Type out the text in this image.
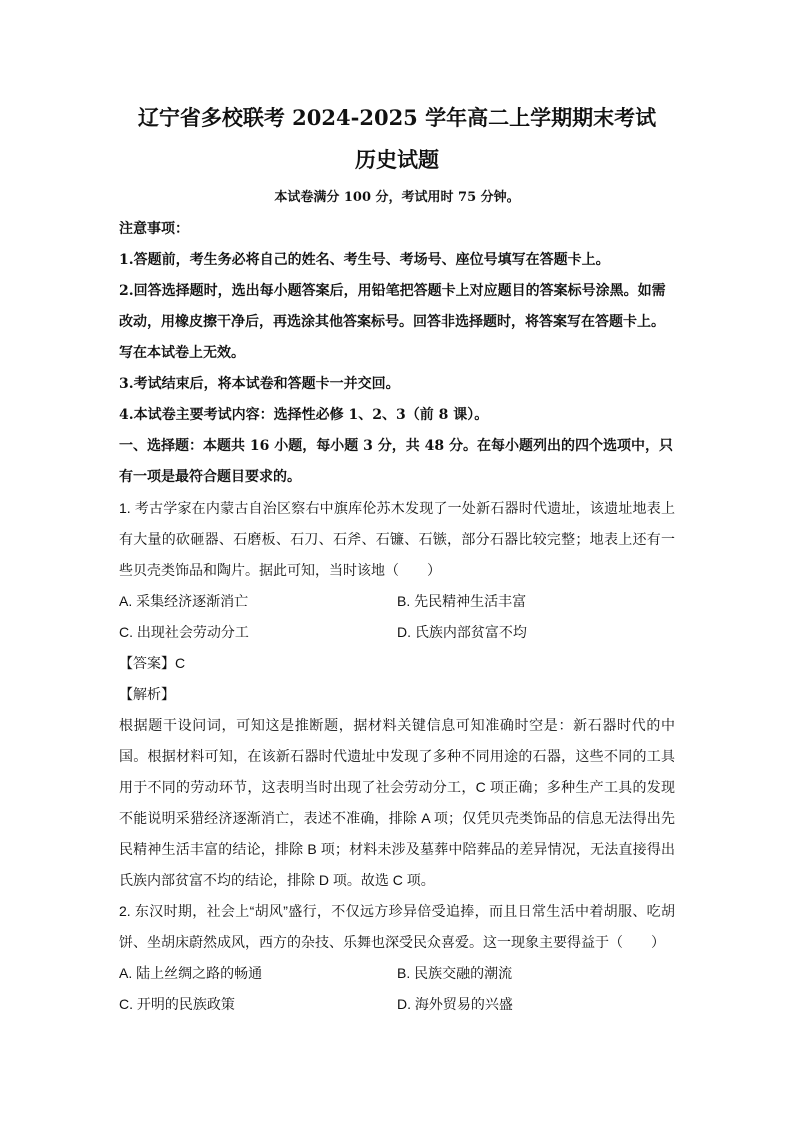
辽宁省多校联考 2024-2025 学年高二上学期期末考试
历史试题

本试卷满分 100 分，考试用时 75 分钟。

注意事项：

1.答题前，考生务必将自己的姓名、考生号、考场号、座位号填写在答题卡上。

2.回答选择题时，选出每小题答案后，用铅笔把答题卡上对应题目的答案标号涂黑。如需改动，用橡皮擦干净后，再选涂其他答案标号。回答非选择题时，将答案写在答题卡上。写在本试卷上无效。

3.考试结束后，将本试卷和答题卡一并交回。

4.本试卷主要考试内容：选择性必修 1、2、3（前 8 课）。

一、选择题：本题共 16 小题，每小题 3 分，共 48 分。在每小题列出的四个选项中，只有一项是最符合题目要求的。

1. 考古学家在内蒙古自治区察右中旗库伦苏木发现了一处新石器时代遗址，该遗址地表上有大量的砍砸器、石磨板、石刀、石斧、石镰、石镞，部分石器比较完整；地表上还有一些贝壳类饰品和陶片。据此可知，当时该地（　　）

A. 采集经济逐渐消亡	B. 先民精神生活丰富
C. 出现社会劳动分工	D. 氏族内部贫富不均

【答案】C

【解析】

根据题干设问词，可知这是推断题，据材料关键信息可知准确时空是：新石器时代的中国。根据材料可知，在该新石器时代遗址中发现了多种不同用途的石器，这些不同的工具用于不同的劳动环节，这表明当时出现了社会劳动分工，C 项正确；多种生产工具的发现不能说明采猎经济逐渐消亡，表述不准确，排除 A 项；仅凭贝壳类饰品的信息无法得出先民精神生活丰富的结论，排除 B 项；材料未涉及墓葬中陪葬品的差异情况，无法直接得出氏族内部贫富不均的结论，排除 D 项。故选 C 项。

2. 东汉时期，社会上“胡风”盛行，不仅远方珍异倍受追捧，而且日常生活中着胡服、吃胡饼、坐胡床蔚然成风，西方的杂技、乐舞也深受民众喜爱。这一现象主要得益于（　　）

A. 陆上丝绸之路的畅通	B. 民族交融的潮流
C. 开明的民族政策	D. 海外贸易的兴盛
